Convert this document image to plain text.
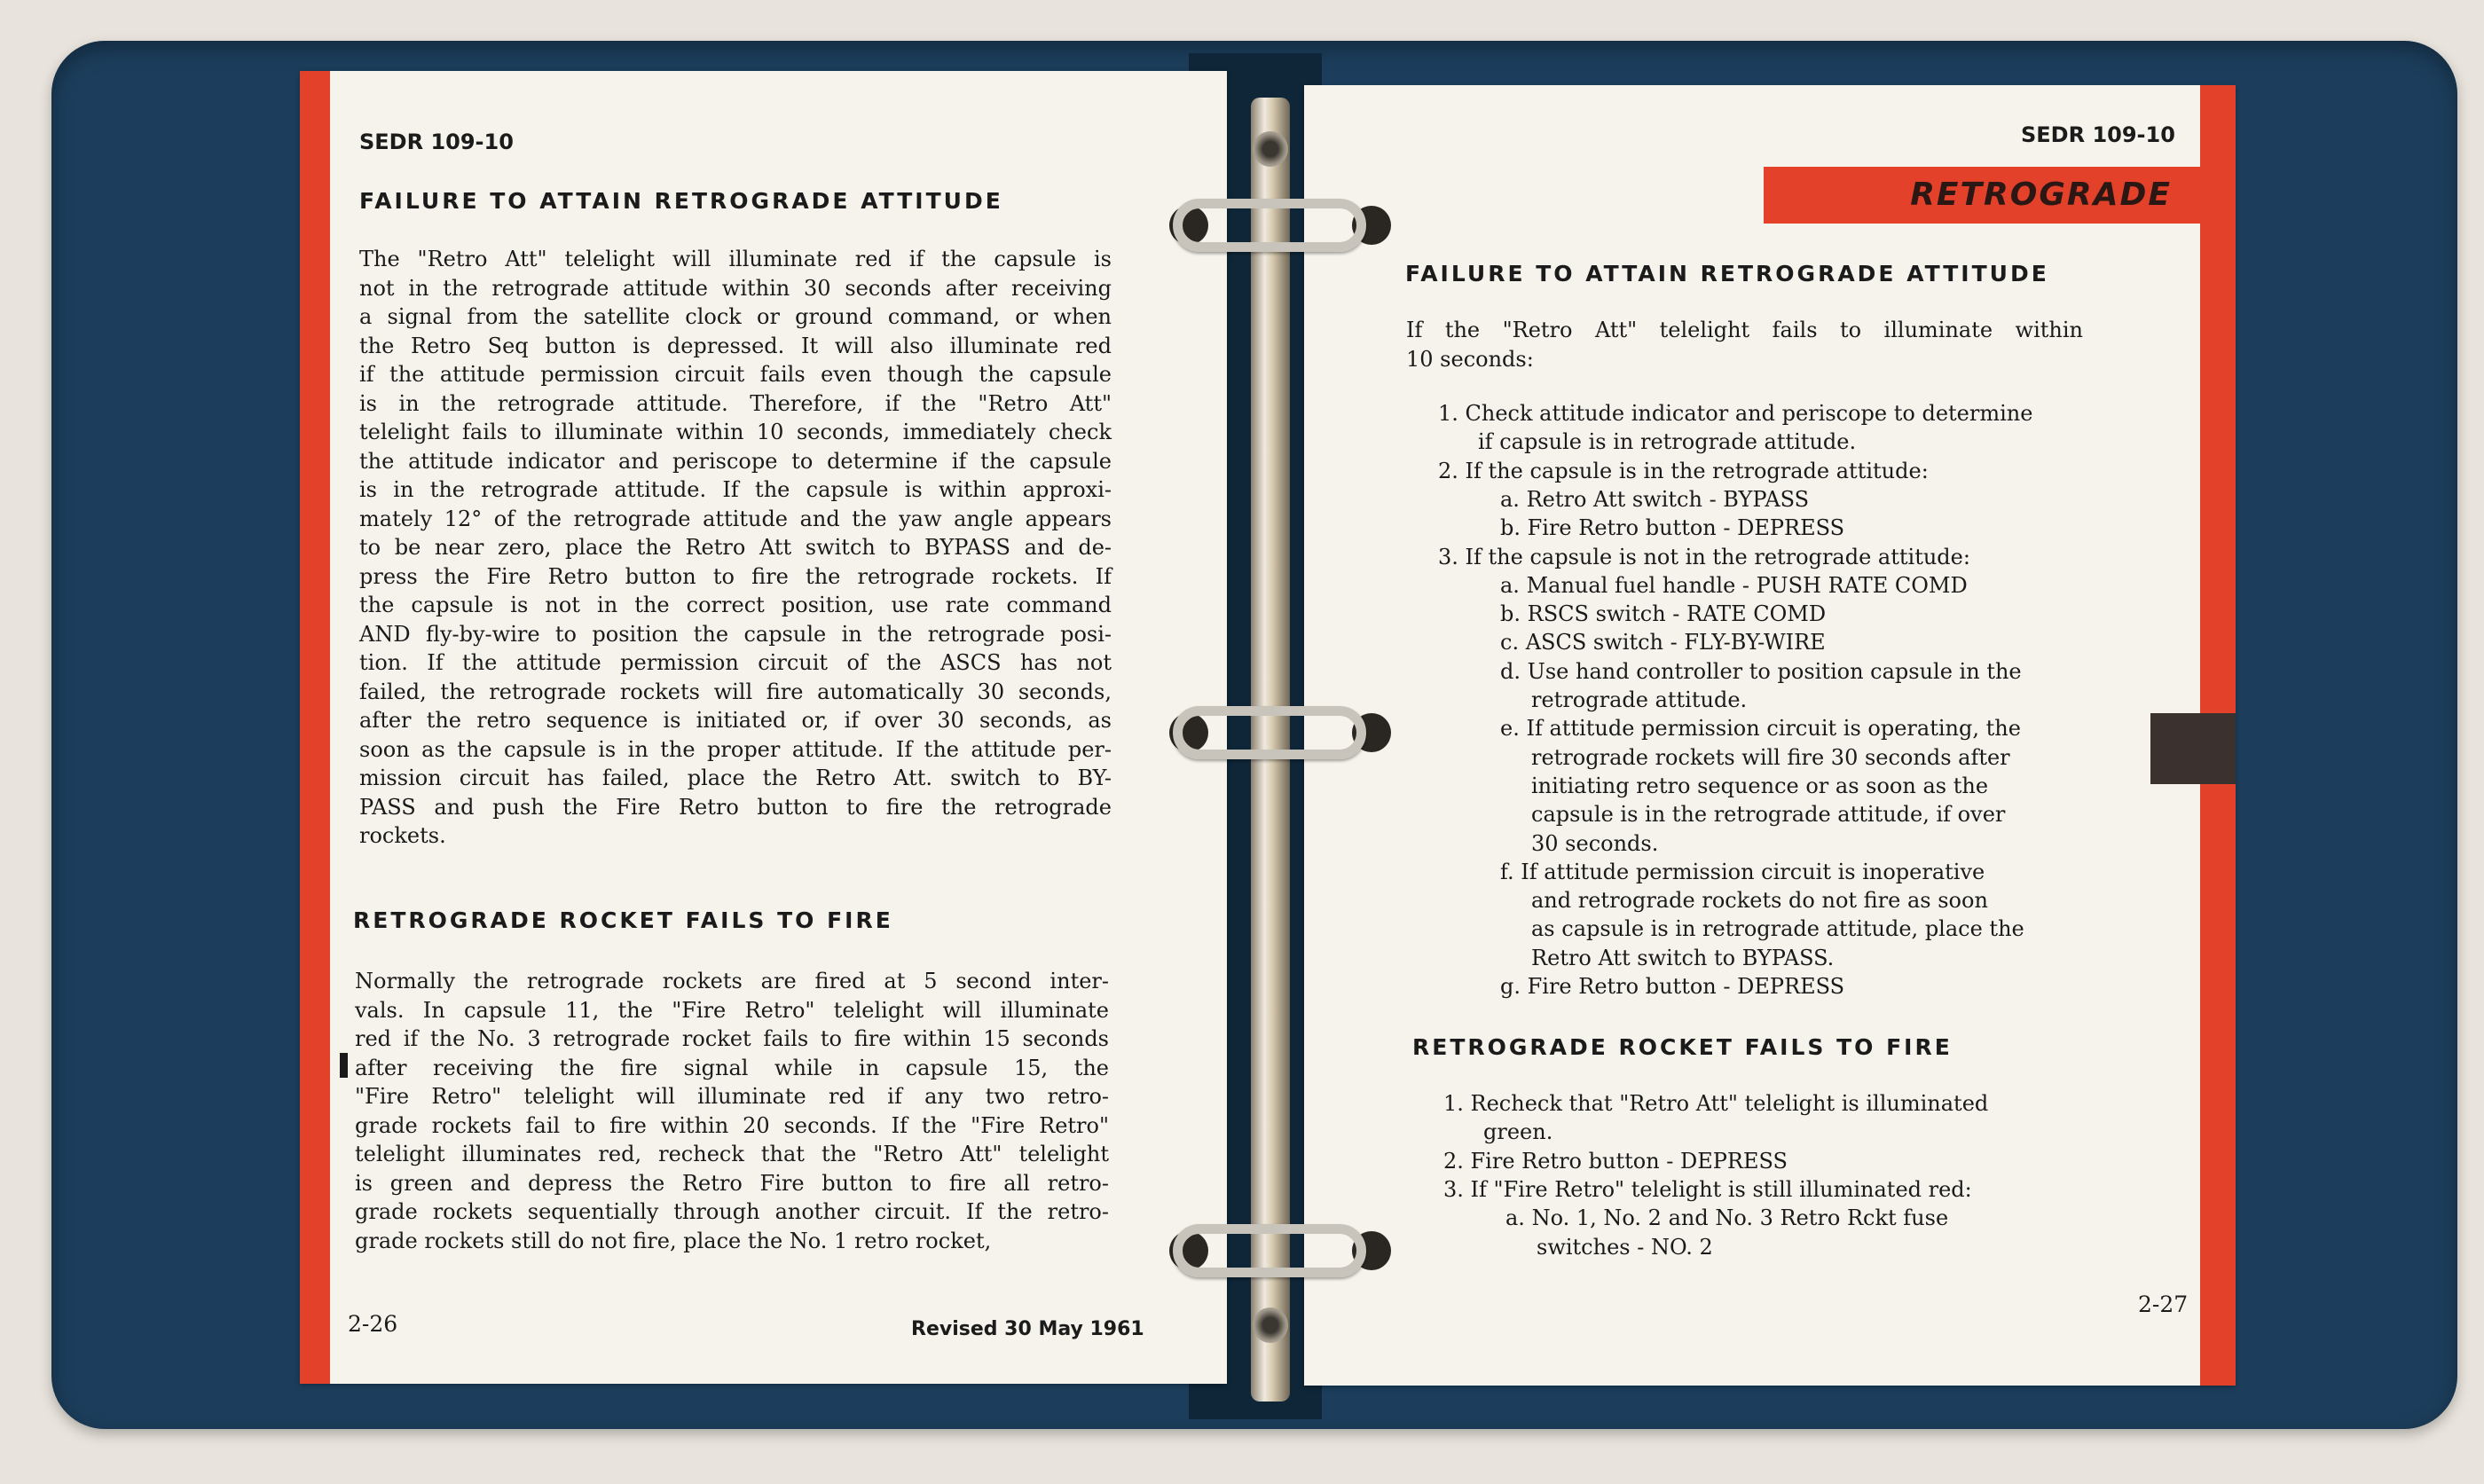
SEDR 109-10
FAILURE TO ATTAIN RETROGRADE ATTITUDE
The "Retro Att" telelight will illuminate red if the capsule is
not in the retrograde attitude within 30 seconds after receiving
a signal from the satellite clock or ground command, or when
the Retro Seq button is depressed. It will also illuminate red
if the attitude permission circuit fails even though the capsule
is in the retrograde attitude. Therefore, if the "Retro Att"
telelight fails to illuminate within 10 seconds, immediately check
the attitude indicator and periscope to determine if the capsule
is in the retrograde attitude. If the capsule is within approxi-
mately 12° of the retrograde attitude and the yaw angle appears
to be near zero, place the Retro Att switch to BYPASS and de-
press the Fire Retro button to fire the retrograde rockets. If
the capsule is not in the correct position, use rate command
AND fly-by-wire to position the capsule in the retrograde posi-
tion. If the attitude permission circuit of the ASCS has not
failed, the retrograde rockets will fire automatically 30 seconds,
after the retro sequence is initiated or, if over 30 seconds, as
soon as the capsule is in the proper attitude. If the attitude per-
mission circuit has failed, place the Retro Att. switch to BY-
PASS and push the Fire Retro button to fire the retrograde
rockets.
RETROGRADE ROCKET FAILS TO FIRE
Normally the retrograde rockets are fired at 5 second inter-
vals. In capsule 11, the "Fire Retro" telelight will illuminate
red if the No. 3 retrograde rocket fails to fire within 15 seconds
after receiving the fire signal while in capsule 15, the
"Fire Retro" telelight will illuminate red if any two retro-
grade rockets fail to fire within 20 seconds. If the "Fire Retro"
telelight illuminates red, recheck that the "Retro Att" telelight
is green and depress the Retro Fire button to fire all retro-
grade rockets sequentially through another circuit. If the retro-
grade rockets still do not fire, place the No. 1 retro rocket,
2-26	Revised 30 May 1961
SEDR 109-10
RETROGRADE
FAILURE TO ATTAIN RETROGRADE ATTITUDE
If the "Retro Att" telelight fails to illuminate within
10 seconds:
1. Check attitude indicator and periscope to determine
if capsule is in retrograde attitude.
2. If the capsule is in the retrograde attitude:
a. Retro Att switch - BYPASS
b. Fire Retro button - DEPRESS
3. If the capsule is not in the retrograde attitude:
a. Manual fuel handle - PUSH RATE COMD
b. RSCS switch - RATE COMD
c. ASCS switch - FLY-BY-WIRE
d. Use hand controller to position capsule in the
retrograde attitude.
e. If attitude permission circuit is operating, the
retrograde rockets will fire 30 seconds after
initiating retro sequence or as soon as the
capsule is in the retrograde attitude, if over
30 seconds.
f. If attitude permission circuit is inoperative
and retrograde rockets do not fire as soon
as capsule is in retrograde attitude, place the
Retro Att switch to BYPASS.
g. Fire Retro button - DEPRESS
RETROGRADE ROCKET FAILS TO FIRE
1. Recheck that "Retro Att" telelight is illuminated
green.
2. Fire Retro button - DEPRESS
3. If "Fire Retro" telelight is still illuminated red:
a. No. 1, No. 2 and No. 3 Retro Rckt fuse
switches - NO. 2
2-27
